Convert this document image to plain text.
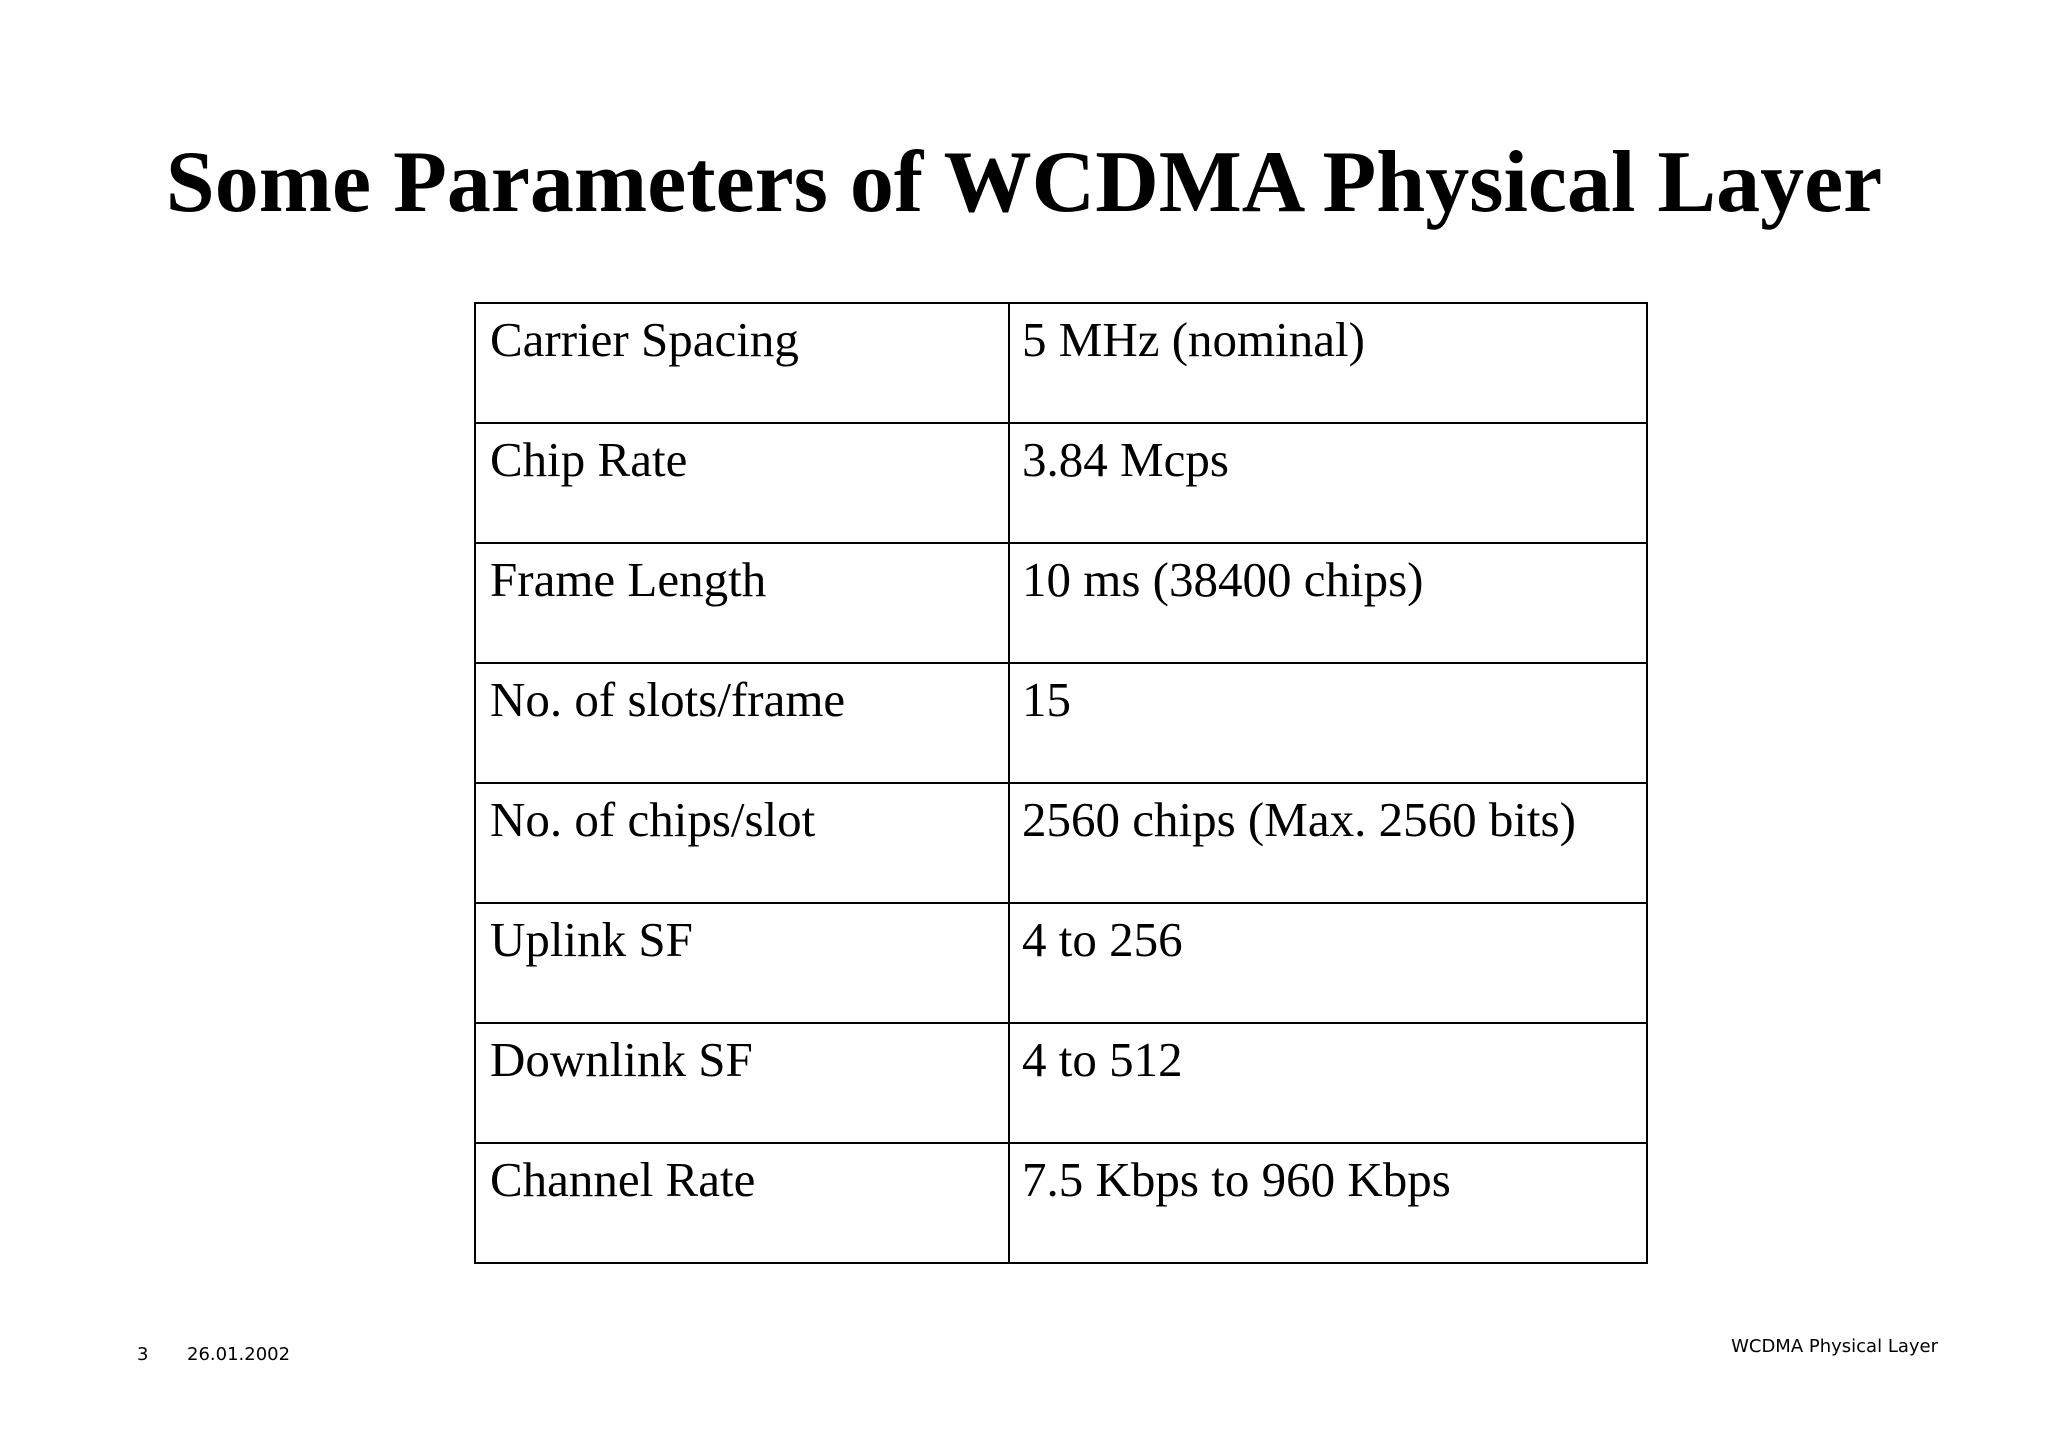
Some Parameters of WCDMA Physical Layer
Carrier Spacing	5 MHz (nominal)
Chip Rate	3.84 Mcps
Frame Length	10 ms (38400 chips)
No. of slots/frame	15
No. of chips/slot	2560 chips (Max. 2560 bits)
Uplink SF	4 to 256
Downlink SF	4 to 512
Channel Rate	7.5 Kbps to 960 Kbps
3 26.01.2002	WCDMA Physical Layer
